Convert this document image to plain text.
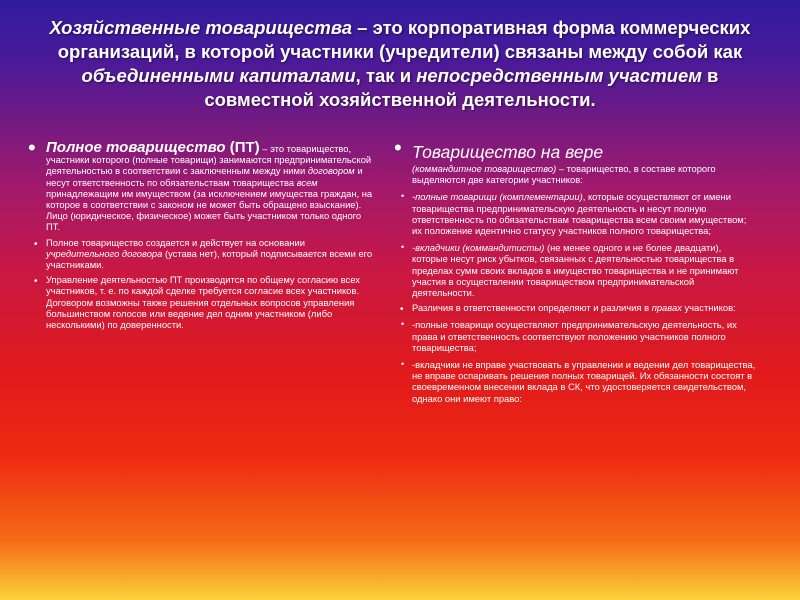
Хозяйственные товарищества – это корпоративная форма коммерческих организаций, в которой участники (учредители) связаны между собой как объединенными капиталами, так и непосредственным участием в совместной хозяйственной деятельности.
• Полное товарищество (ПТ) – это товарищество, участники которого (полные товарищи) занимаются предпринимательской деятельностью в соответствии с заключенным между ними договором и несут ответственность по обязательствам товарищества всем принадлежащим им имуществом (за исключением имущества граждан, на которое в соответствии с законом не может быть обращено взыскание). Лицо (юридическое, физическое) может быть участником только одного ПТ.

• Полное товарищество создается и действует на основании учредительного договора (устава нет), который подписывается всеми его участниками.

• Управление деятельностью ПТ производится по общему согласию всех участников, т. е. по каждой сделке требуется согласие всех участников. Договором возможны также решения отдельных вопросов управления большинством голосов или ведение дел одним участником (либо несколькими) по доверенности.

• Товарищество на вере

(коммандитное товарищество) – товарищество, в составе которого выделяются две категории участников:

• -полные товарищи (комплементарии), которые осуществляют от имени товарищества предпринимательскую деятельность и несут полную ответственность по обязательствам товарищества всем своим имуществом; их положение идентично статусу участников полного товарищества;

• -вкладчики (коммандитисты) (не менее одного и не более двадцати), которые несут риск убытков, связанных с деятельностью товарищества в пределах сумм своих вкладов в имущество товарищества и не принимают участия в осуществлении товариществом предпринимательской деятельности.

• Различия в ответственности определяют и различия в правах участников:

• -полные товарищи осуществляют предпринимательскую деятельность, их права и ответственность соответствуют положению участников полного товарищества;

• -вкладчики не вправе участвовать в управлении и ведении дел товарищества, не вправе оспаривать решения полных товарищей. Их обязанности состоят в своевременном внесении вклада в СК, что удостоверяется свидетельством, однако они имеют право:
